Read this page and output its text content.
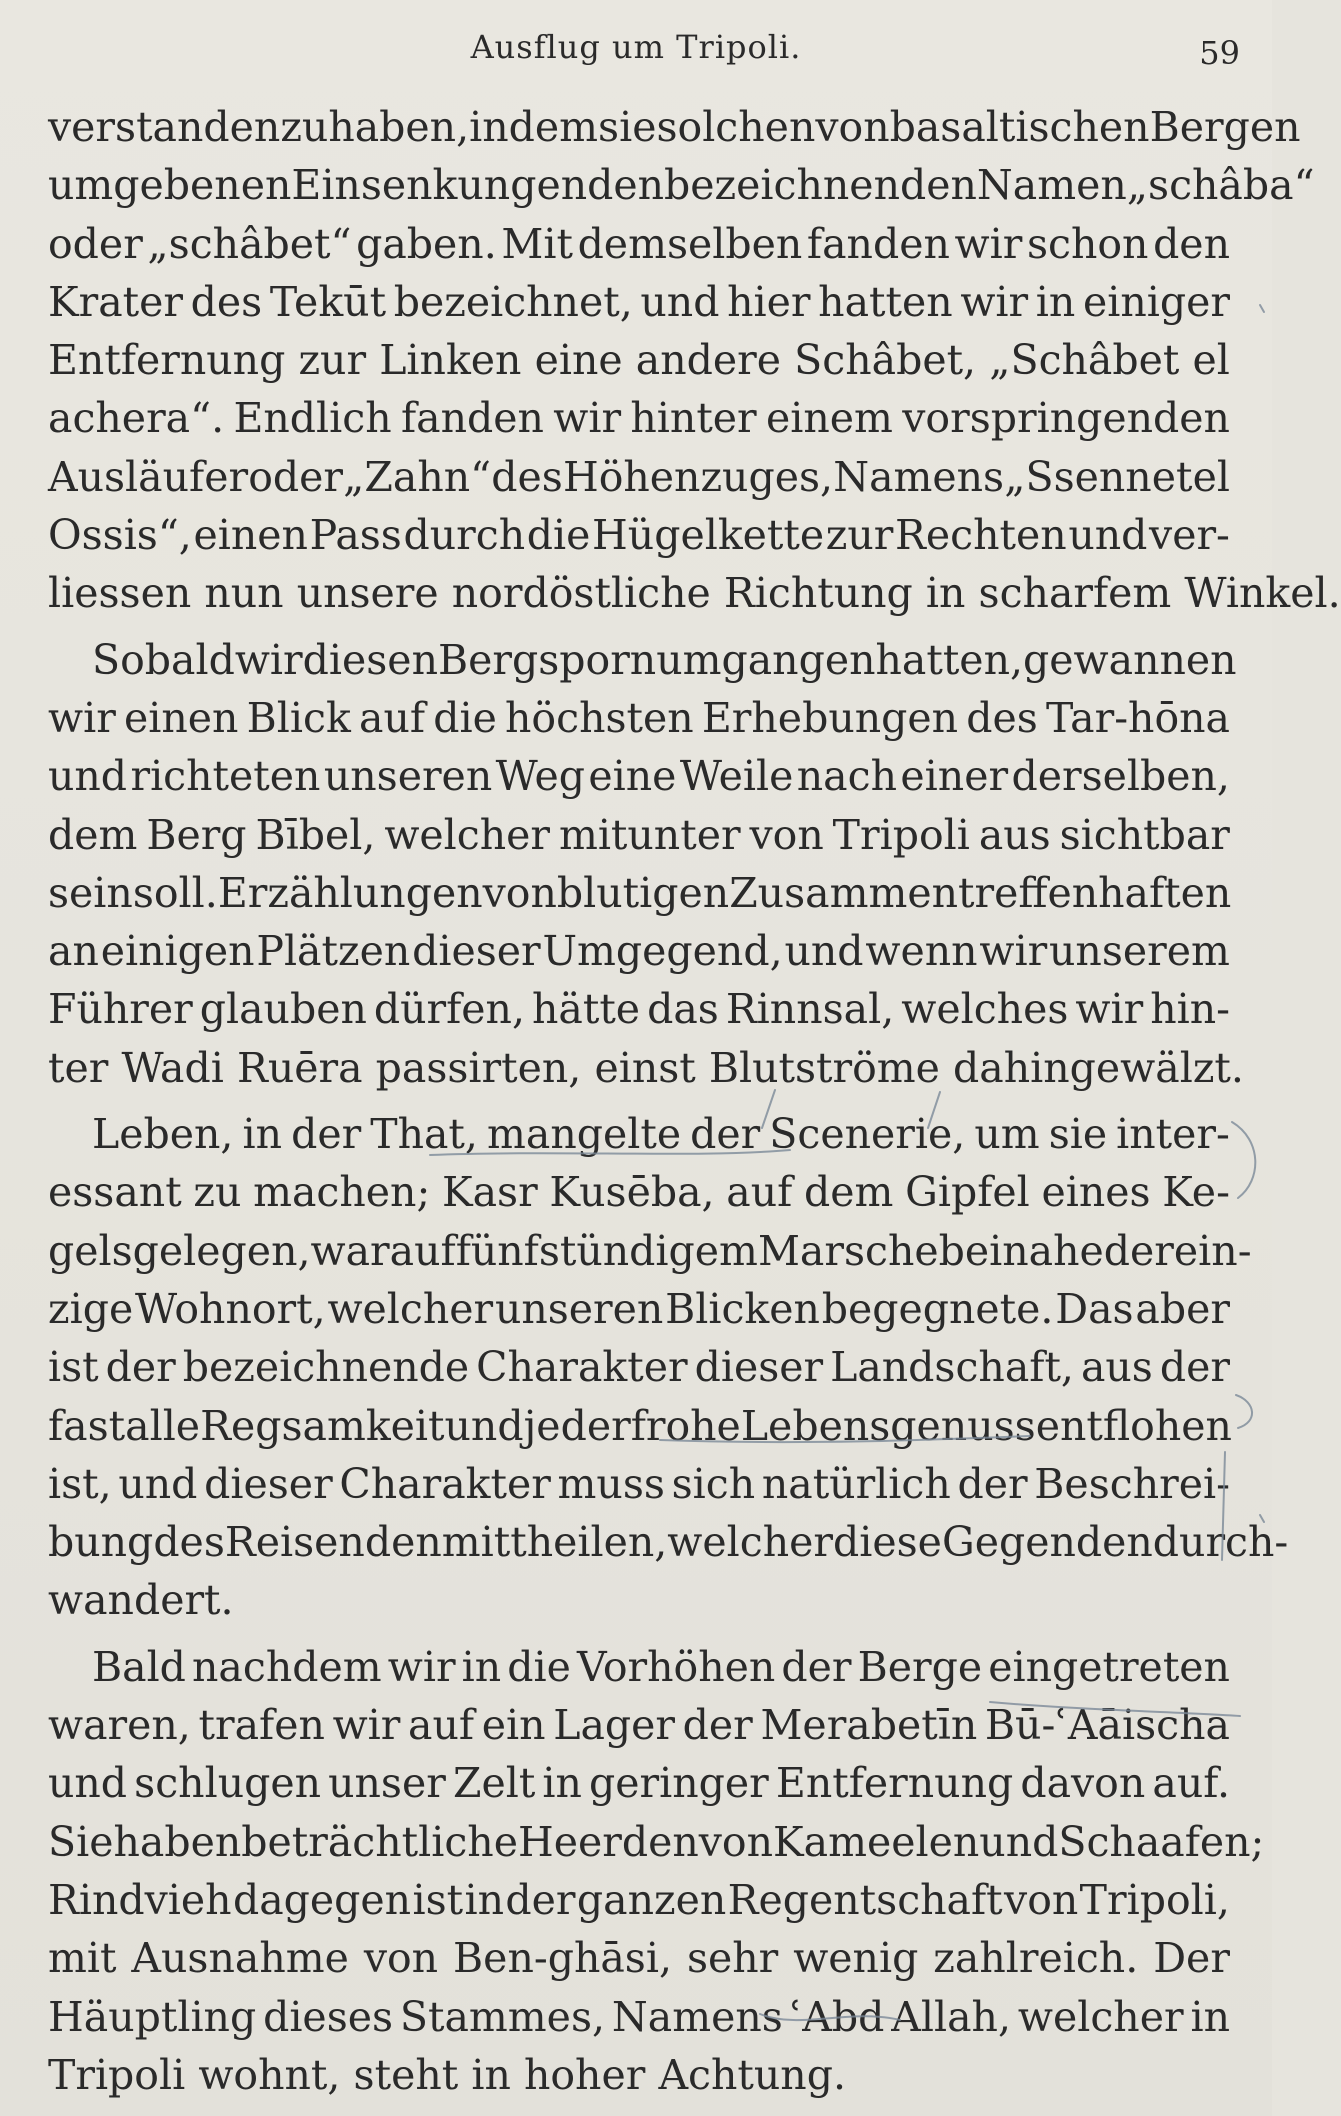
Ausflug um Tripoli.	59
verstanden zu haben, indem sie solchen von basaltischen Bergen
umgebenen Einsenkungen den bezeichnenden Namen „schâba“
oder „schâbet“ gaben. Mit demselben fanden wir schon den
Krater des Tekūt bezeichnet, und hier hatten wir in einiger
Entfernung zur Linken eine andere Schâbet, „Schâbet el
achera“. Endlich fanden wir hinter einem vorspringenden
Ausläufer oder „Zahn“ des Höhenzuges, Namens „Ssennet el
Ossis“, einen Pass durch die Hügelkette zur Rechten und ver-
liessen nun unsere nordöstliche Richtung in scharfem Winkel.
Sobald wir diesen Bergsporn umgangen hatten, gewannen
wir einen Blick auf die höchsten Erhebungen des Tar-hōna
und richteten unseren Weg eine Weile nach einer derselben,
dem Berg Bībel, welcher mitunter von Tripoli aus sichtbar
sein soll. Erzählungen von blutigen Zusammentreffen haften
an einigen Plätzen dieser Umgegend, und wenn wir unserem
Führer glauben dürfen, hätte das Rinnsal, welches wir hin-
ter Wadi Ruēra passirten, einst Blutströme dahingewälzt.
Leben, in der That, mangelte der Scenerie, um sie inter-
essant zu machen; Kasr Kusēba, auf dem Gipfel eines Ke-
gels gelegen, war auf fünfstündigem Marsche beinahe der ein-
zige Wohnort, welcher unseren Blicken begegnete. Das aber
ist der bezeichnende Charakter dieser Landschaft, aus der
fast alle Regsamkeit und jeder frohe Lebensgenuss entflohen
ist, und dieser Charakter muss sich natürlich der Beschrei-
bung des Reisenden mittheilen, welcher diese Gegenden durch-
wandert.
Bald nachdem wir in die Vorhöhen der Berge eingetreten
waren, trafen wir auf ein Lager der Merabetīn Bū-ʿAāischa
und schlugen unser Zelt in geringer Entfernung davon auf.
Sie haben beträchtliche Heerden von Kameelen und Schaafen;
Rindvieh dagegen ist in der ganzen Regentschaft von Tripoli,
mit Ausnahme von Ben-ghāsi, sehr wenig zahlreich. Der
Häuptling dieses Stammes, Namens ʿAbd Allah, welcher in
Tripoli wohnt, steht in hoher Achtung.
